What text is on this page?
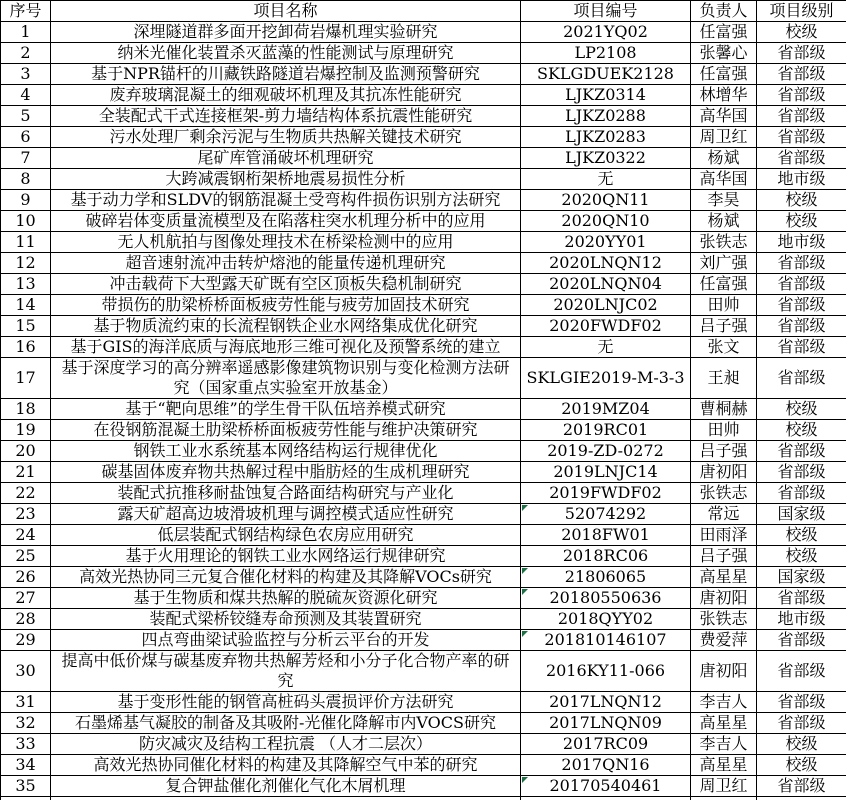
序号	项目名称	项目编号	负责人	项目级别
1	深埋隧道群多面开挖卸荷岩爆机理实验研究	2021YQ02	任富强	校级
2	纳米光催化装置杀灭蓝藻的性能测试与原理研究	LP2108	张馨心	省部级
3	基于NPR锚杆的川藏铁路隧道岩爆控制及监测预警研究	SKLGDUEK2128	任富强	省部级
4	废弃玻璃混凝土的细观破坏机理及其抗冻性能研究	LJKZ0314	林增华	省部级
5	全装配式干式连接框架-剪力墙结构体系抗震性能研究	LJKZ0288	高华国	省部级
6	污水处理厂剩余污泥与生物质共热解关键技术研究	LJKZ0283	周卫红	省部级
7	尾矿库管涌破坏机理研究	LJKZ0322	杨斌	省部级
8	大跨减震钢桁架桥地震易损性分析	无	高华国	地市级
9	基于动力学和SLDV的钢筋混凝土受弯构件损伤识别方法研究	2020QN11	李昊	校级
10	破碎岩体变质量流模型及在陷落柱突水机理分析中的应用	2020QN10	杨斌	校级
11	无人机航拍与图像处理技术在桥梁检测中的应用	2020YY01	张铁志	地市级
12	超音速射流冲击转炉熔池的能量传递机理研究	2020LNQN12	刘广强	省部级
13	冲击载荷下大型露天矿既有空区顶板失稳机制研究	2020LNQN04	任富强	省部级
14	带损伤的肋梁桥桥面板疲劳性能与疲劳加固技术研究	2020LNJC02	田帅	省部级
15	基于物质流约束的长流程钢铁企业水网络集成优化研究	2020FWDF02	吕子强	省部级
16	基于GIS的海洋底质与海底地形三维可视化及预警系统的建立	无	张文	省部级
17	基于深度学习的高分辨率遥感影像建筑物识别与变化检测方法研究（国家重点实验室开放基金）	SKLGIE2019-M-3-3	王昶	省部级
18	基于“靶向思维”的学生骨干队伍培养模式研究	2019MZ04	曹桐赫	校级
19	在役钢筋混凝土肋梁桥桥面板疲劳性能与维护决策研究	2019RC01	田帅	校级
20	钢铁工业水系统基本网络结构运行规律优化	2019-ZD-0272	吕子强	省部级
21	碳基固体废弃物共热解过程中脂肪烃的生成机理研究	2019LNJC14	唐初阳	省部级
22	装配式抗推移耐盐蚀复合路面结构研究与产业化	2019FWDF02	张铁志	省部级
23	露天矿超高边坡滑坡机理与调控模式适应性研究	52074292	常远	国家级
24	低层装配式钢结构绿色农房应用研究	2018FW01	田雨泽	校级
25	基于火用理论的钢铁工业水网络运行规律研究	2018RC06	吕子强	校级
26	高效光热协同三元复合催化材料的构建及其降解VOCs研究	21806065	高星星	国家级
27	基于生物质和煤共热解的脱硫灰资源化研究	20180550636	唐初阳	省部级
28	装配式梁桥铰缝寿命预测及其装置研究	2018QYY02	张铁志	地市级
29	四点弯曲梁试验监控与分析云平台的开发	201810146107	费爱萍	省部级
30	提高中低价煤与碳基废弃物共热解芳烃和小分子化合物产率的研究	2016KY11-066	唐初阳	省部级
31	基于变形性能的钢管高桩码头震损评价方法研究	2017LNQN12	李吉人	省部级
32	石墨烯基气凝胶的制备及其吸附-光催化降解市内VOCS研究	2017LNQN09	高星星	省部级
33	防灾减灾及结构工程抗震 （人才二层次）	2017RC09	李吉人	校级
34	高效光热协同催化材料的构建及其降解空气中苯的研究	2017QN16	高星星	校级
35	复合钾盐催化剂催化气化木屑机理	20170540461	周卫红	省部级
